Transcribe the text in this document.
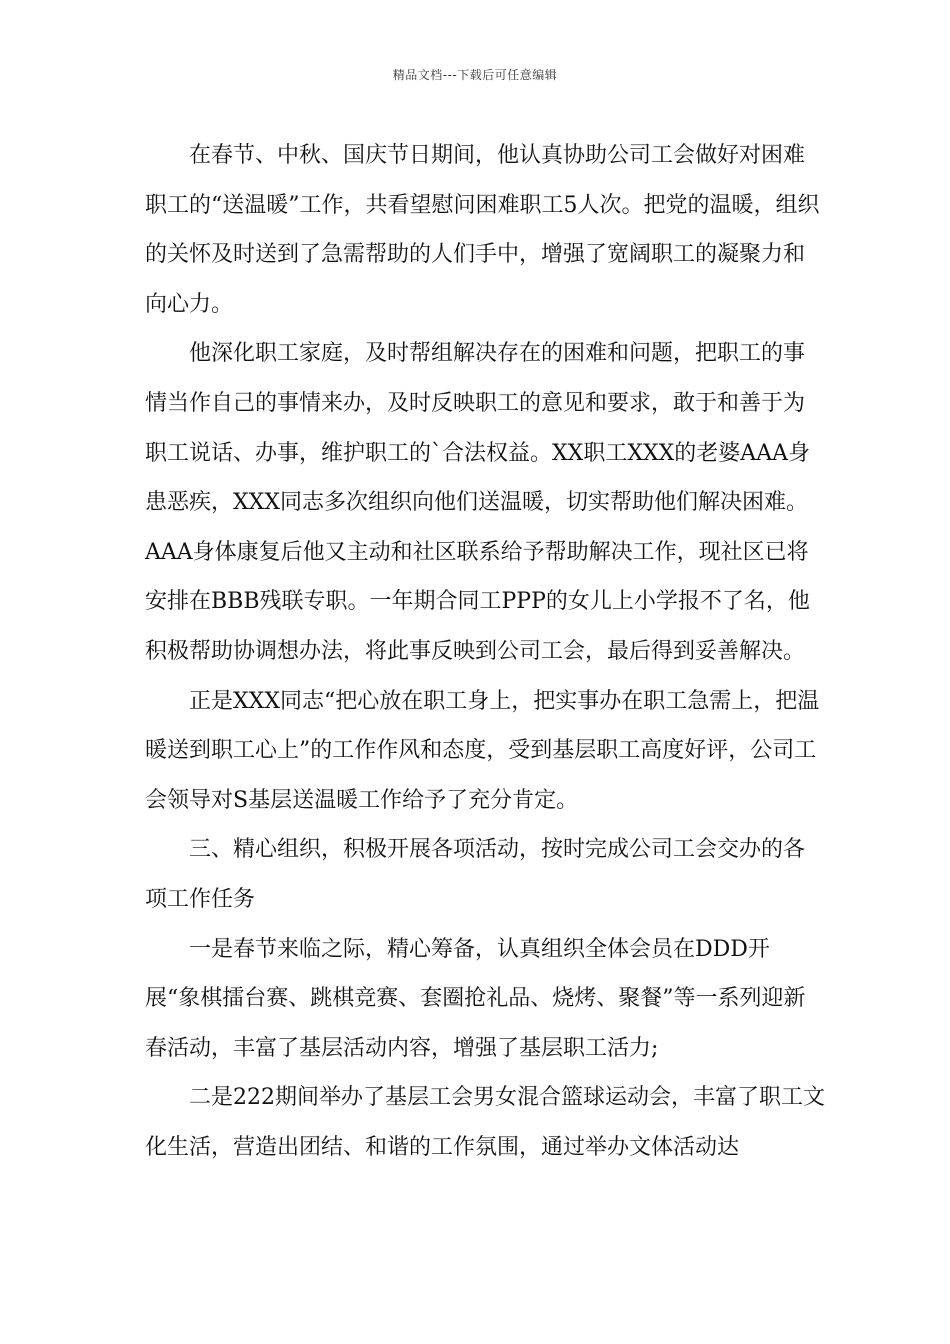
精品文档---下载后可任意编辑

在春节、中秋、国庆节日期间，他认真协助公司工会做好对困难职工的“送温暖”工作，共看望慰问困难职工5人次。把党的温暖，组织的关怀及时送到了急需帮助的人们手中，增强了宽阔职工的凝聚力和向心力。

他深化职工家庭，及时帮组解决存在的困难和问题，把职工的事情当作自己的事情来办，及时反映职工的意见和要求，敢于和善于为职工说话、办事，维护职工的`合法权益。XX职工XXX的老婆AAA身患恶疾，XXX同志多次组织向他们送温暖，切实帮助他们解决困难。AAA身体康复后他又主动和社区联系给予帮助解决工作，现社区已将安排在BBB残联专职。一年期合同工PPP的女儿上小学报不了名，他积极帮助协调想办法，将此事反映到公司工会，最后得到妥善解决。

正是XXX同志“把心放在职工身上，把实事办在职工急需上，把温暖送到职工心上”的工作作风和态度，受到基层职工高度好评，公司工会领导对S基层送温暖工作给予了充分肯定。

三、精心组织，积极开展各项活动，按时完成公司工会交办的各项工作任务

一是春节来临之际，精心筹备，认真组织全体会员在DDD开展“象棋擂台赛、跳棋竞赛、套圈抢礼品、烧烤、聚餐”等一系列迎新春活动，丰富了基层活动内容，增强了基层职工活力;

二是222期间举办了基层工会男女混合篮球运动会，丰富了职工文化生活，营造出团结、和谐的工作氛围，通过举办文体活动达
